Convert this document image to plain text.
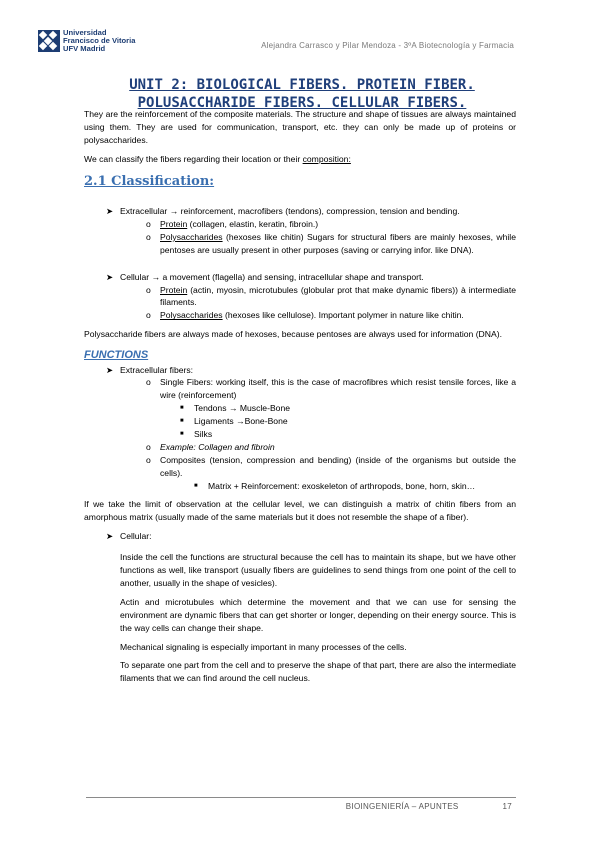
Universidad
Francisco de Vitoria
UFV Madrid	Alejandra Carrasco y Pilar Mendoza - 3ºA Biotecnología y Farmacia
UNIT 2: BIOLOGICAL FIBERS. PROTEIN FIBER.
POLUSACCHARIDE FIBERS. CELLULAR FIBERS.

They are the reinforcement of the composite materials. The structure and shape of tissues are always maintained using them. They are used for communication, transport, etc. they can only be made up of proteins or polysaccharides.

We can classify the fibers regarding their location or their composition:

2.1 Classification:
➤ Extracellular → reinforcement, macrofibers (tendons), compression, tension and bending.
o	Protein (collagen, elastin, keratin, fibroin.)
o	Polysaccharides (hexoses like chitin) Sugars for structural fibers are mainly hexoses, while pentoses are usually present in other purposes (saving or carrying infor. like DNA).
➤ Cellular → a movement (flagella) and sensing, intracellular shape and transport.
o	Protein (actin, myosin, microtubules (globular prot that make dynamic fibers)) à intermediate filaments.
o	Polysaccharides (hexoses like cellulose). Important polymer in nature like chitin.

Polysaccharide fibers are always made of hexoses, because pentoses are always used for information (DNA).

FUNCTIONS
➤ Extracellular fibers:
o	Single Fibers: working itself, this is the case of macrofibres which resist tensile forces, like a wire (reinforcement)
■	Tendons → Muscle-Bone
■	Ligaments →Bone-Bone
■	Silks
o	Example: Collagen and fibroin
o	Composites (tension, compression and bending) (inside of the organisms but outside the cells).
■	Matrix + Reinforcement: exoskeleton of arthropods, bone, horn, skin…

If we take the limit of observation at the cellular level, we can distinguish a matrix of chitin fibers from an amorphous matrix (usually made of the same materials but it does not resemble the shape of a fiber).

➤ Cellular:

Inside the cell the functions are structural because the cell has to maintain its shape, but we have other functions as well, like transport (usually fibers are guidelines to send things from one point of the cell to another, usually in the shape of vesicles).

Actin and microtubules which determine the movement and that we can use for sensing the environment are dynamic fibers that can get shorter or longer, depending on their energy source. This is the way cells can change their shape.

Mechanical signaling is especially important in many processes of the cells.

To separate one part from the cell and to preserve the shape of that part, there are also the intermediate filaments that we can find around the cell nucleus.

BIOINGENIERÍA – APUNTES	17
